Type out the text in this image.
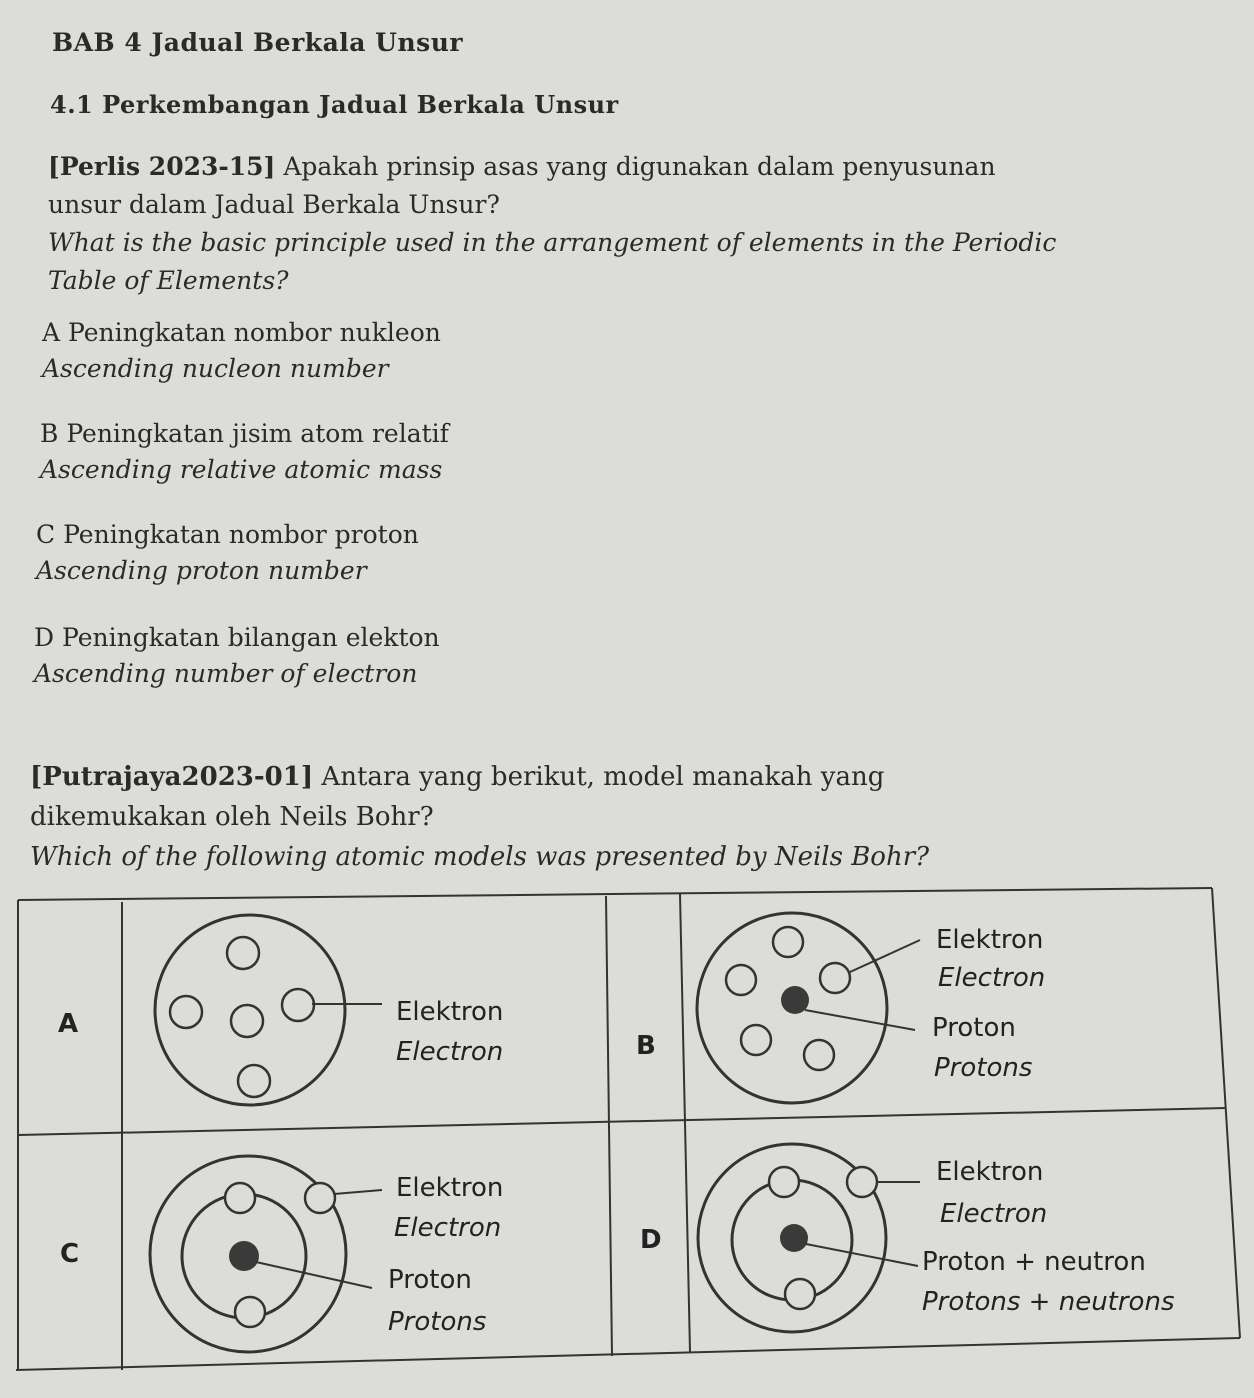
BAB 4 Jadual Berkala Unsur
4.1 Perkembangan Jadual Berkala Unsur
[Perlis 2023-15] Apakah prinsip asas yang digunakan dalam penyusunan
unsur dalam Jadual Berkala Unsur?
What is the basic principle used in the arrangement of elements in the Periodic
Table of Elements?
A Peningkatan nombor nukleon
Ascending nucleon number
B Peningkatan jisim atom relatif
Ascending relative atomic mass
C Peningkatan nombor proton
Ascending proton number
D Peningkatan bilangan elekton
Ascending number of electron
[Putrajaya2023-01] Antara yang berikut, model manakah yang
dikemukakan oleh Neils Bohr?
Which of the following atomic models was presented by Neils Bohr?
A	Elektron
Electron	B
Elektron
Electron
Proton
Protons
C
Elektron
Electron
Proton
Protons
D
Elektron
Electron
Proton + neutron
Protons + neutrons
